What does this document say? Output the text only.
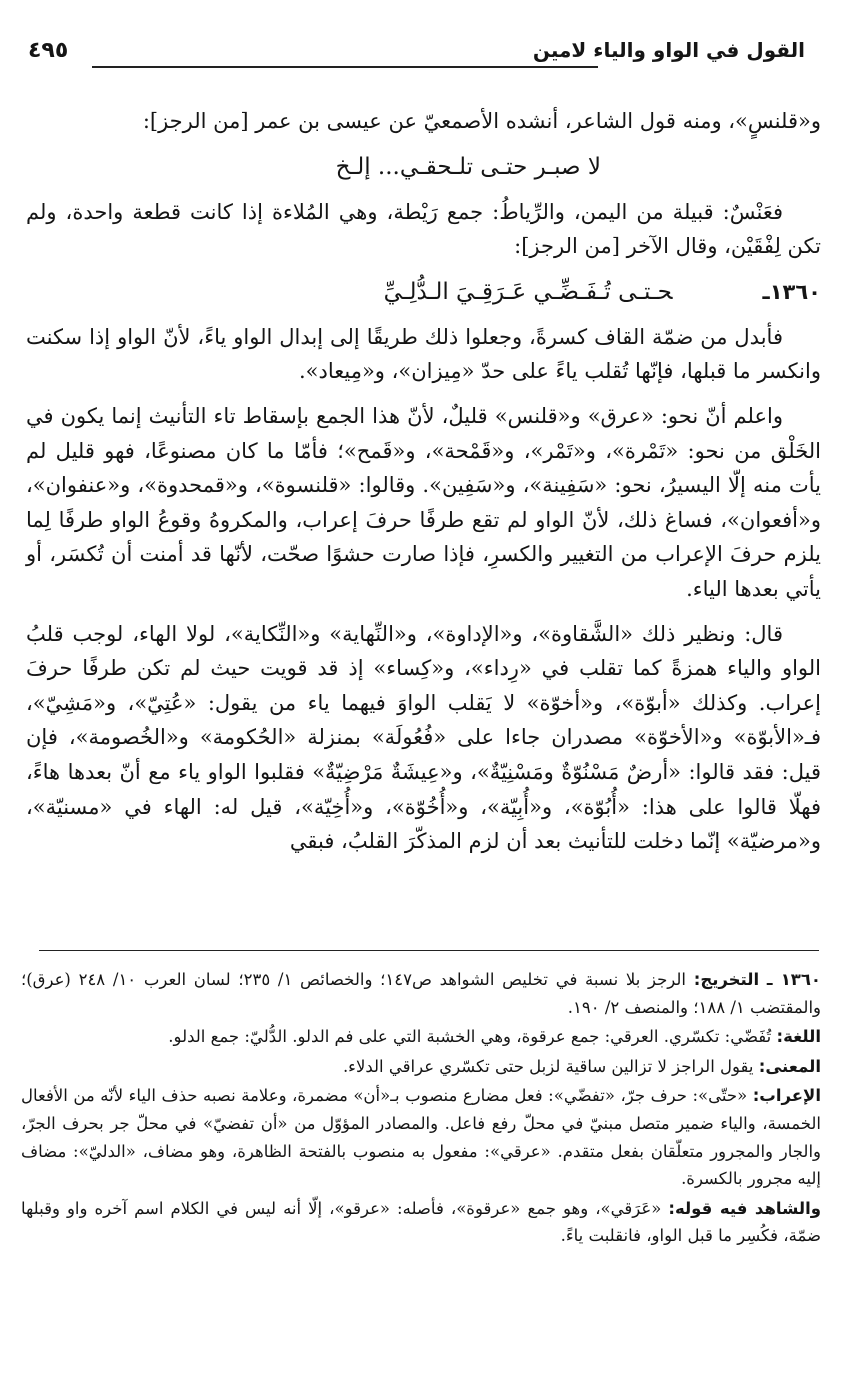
القول في الواو والياء لامين
٤٩٥

و«قلنسٍ»، ومنه قول الشاعر، أنشده الأصمعيّ عن عيسى بن عمر [من الرجز]:

لا صبـر حتـى تلـحقـي... إلـخ

فعَنْسٌ: قبيلة من اليمن، والرِّياطُ: جمع رَيْطة، وهي المُلاءة إذا كانت قطعة واحدة، ولم تكن لِفْقَيْن، وقال الآخر [من الرجز]:

١٣٦٠ـحـتـى تُـفَـضِّـي عَـرَقِـيَ الـدُّلِـيِّ

فأبدل من ضمّة القاف كسرةً، وجعلوا ذلك طريقًا إلى إبدال الواو ياءً، لأنّ الواو إذا سكنت وانكسر ما قبلها، فإنّها تُقلب ياءً على حدّ «مِيزان»، و«مِيعاد».

واعلم أنّ نحو: «عرق» و«قلنس» قليلٌ، لأنّ هذا الجمع بإسقاط تاء التأنيث إنما يكون في الخَلْق من نحو: «تَمْرة»، و«تَمْر»، و«قَمْحة»، و«قَمح»؛ فأمّا ما كان مصنوعًا، فهو قليل لم يأت منه إلّا اليسيرُ، نحو: «سَفِينة»، و«سَفِين». وقالوا: «قلنسوة»، و«قمحدوة»، و«عنفوان»، و«أفعوان»، فساغ ذلك، لأنّ الواو لم تقع طرفًا حرفَ إعراب، والمكروهُ وقوعُ الواو طرفًا لِما يلزم حرفَ الإعراب من التغيير والكسرِ، فإذا صارت حشوًا صحّت، لأنّها قد أمنت أن تُكسَر، أو يأتي بعدها الياء.

قال: ونظير ذلك «الشَّقاوة»، و«الإداوة»، و«النِّهاية» و«النِّكاية»، لولا الهاء، لوجب قلبُ الواو والياء همزةً كما تقلب في «رِداء»، و«كِساء» إذ قد قويت حيث لم تكن طرفًا حرفَ إعراب. وكذلك «أبوّة»، و«أخوّة» لا يَقلب الواوَ فيهما ياء من يقول: «عُتِيّ»، و«مَشِيّ»، فـ«الأبوّة» و«الأخوّة» مصدران جاءا على «فُعُولَة» بمنزلة «الحُكومة» و«الخُصومة»، فإن قيل: فقد قالوا: «أرضٌ مَسْنُوّةٌ ومَسْنِيّةٌ»، و«عِيشَةٌ مَرْضِيّةٌ» فقلبوا الواو ياء مع أنّ بعدها هاءً، فهلّا قالوا على هذا: «أُبُوّة»، و«أُبِيّة»، و«أُخُوّة»، و«أُخِيّة»، قيل له: الهاء في «مسنيّة»، و«مرضيّة» إنّما دخلت للتأنيث بعد أن لزم المذكّرَ القلبُ، فبقي

١٣٦٠ ـ التخريج: الرجز بلا نسبة في تخليص الشواهد ص١٤٧؛ والخصائص ١/ ٢٣٥؛ لسان العرب ١٠/ ٢٤٨ (عرق)؛ والمقتضب ١/ ١٨٨؛ والمنصف ٢/ ١٩٠.

اللغة: تُفَضّي: تكسّري. العرقي: جمع عرقوة، وهي الخشبة التي على فم الدلو. الدُّليّ: جمع الدلو.

المعنى: يقول الراجز لا تزالين ساقية لزبل حتى تكسّري عراقي الدلاء.

الإعراب: «حتّى»: حرف جرّ، «تفضّي»: فعل مضارع منصوب بـ«أن» مضمرة، وعلامة نصبه حذف الياء لأنّه من الأفعال الخمسة، والياء ضمير متصل مبنيّ في محلّ رفع فاعل. والمصادر المؤوّل من «أن تفضيّ» في محلّ جر بحرف الجرّ، والجار والمجرور متعلّقان بفعل متقدم. «عرقي»: مفعول به منصوب بالفتحة الظاهرة، وهو مضاف، «الدليّ»: مضاف إليه مجرور بالكسرة.

والشاهد فيه قوله: «عَرَقي»، وهو جمع «عرقوة»، فأصله: «عرقو»، إلّا أنه ليس في الكلام اسم آخره واو وقبلها ضمّة، فكُسِر ما قبل الواو، فانقلبت ياءً.
